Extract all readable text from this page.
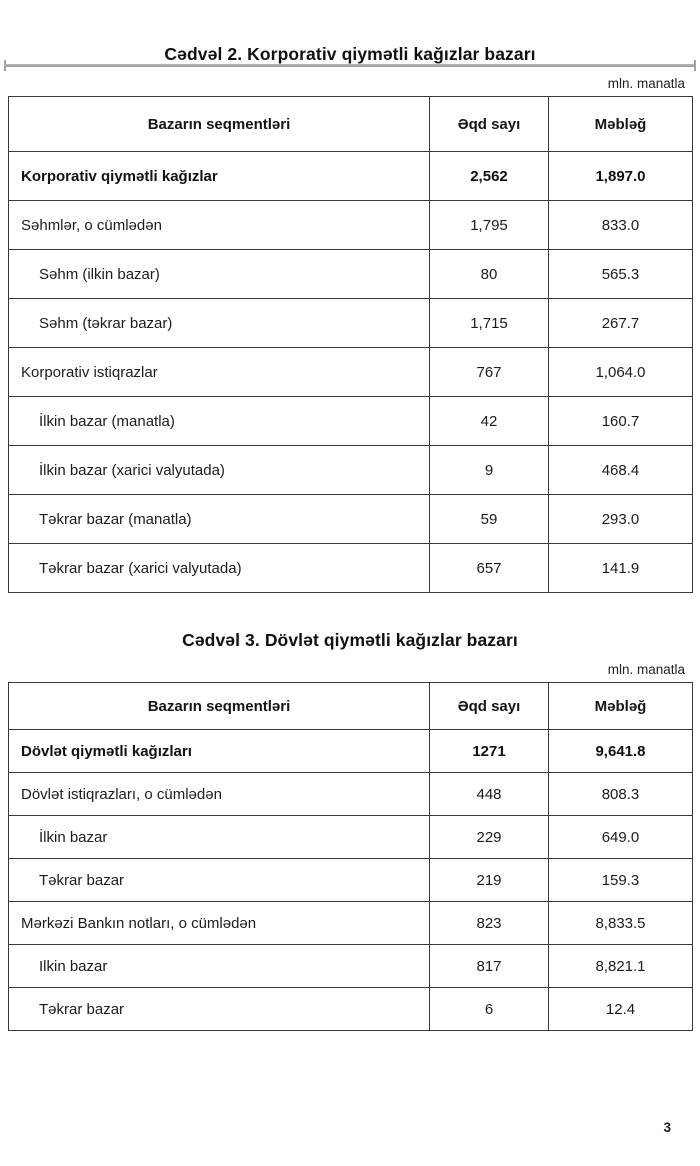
Cədvəl 2. Korporativ qiymətli kağızlar bazarı
mln. manatla
Bazarın seqmentləri	Əqd sayı	Məbləğ
Korporativ qiymətli kağızlar	2,562	1,897.0
Səhmlər, o cümlədən	1,795	833.0
Səhm (ilkin bazar)	80	565.3
Səhm (təkrar bazar)	1,715	267.7
Korporativ istiqrazlar	767	1,064.0
İlkin bazar (manatla)	42	160.7
İlkin bazar (xarici valyutada)	9	468.4
Təkrar bazar (manatla)	59	293.0
Təkrar bazar (xarici valyutada)	657	141.9
Cədvəl 3. Dövlət qiymətli kağızlar bazarı
mln. manatla
Bazarın seqmentləri	Əqd sayı	Məbləğ
Dövlət qiymətli kağızları	1271	9,641.8
Dövlət istiqrazları, o cümlədən	448	808.3
İlkin bazar	229	649.0
Təkrar bazar	219	159.3
Mərkəzi Bankın notları, o cümlədən	823	8,833.5
Ilkin bazar	817	8,821.1
Təkrar bazar	6	12.4
3
